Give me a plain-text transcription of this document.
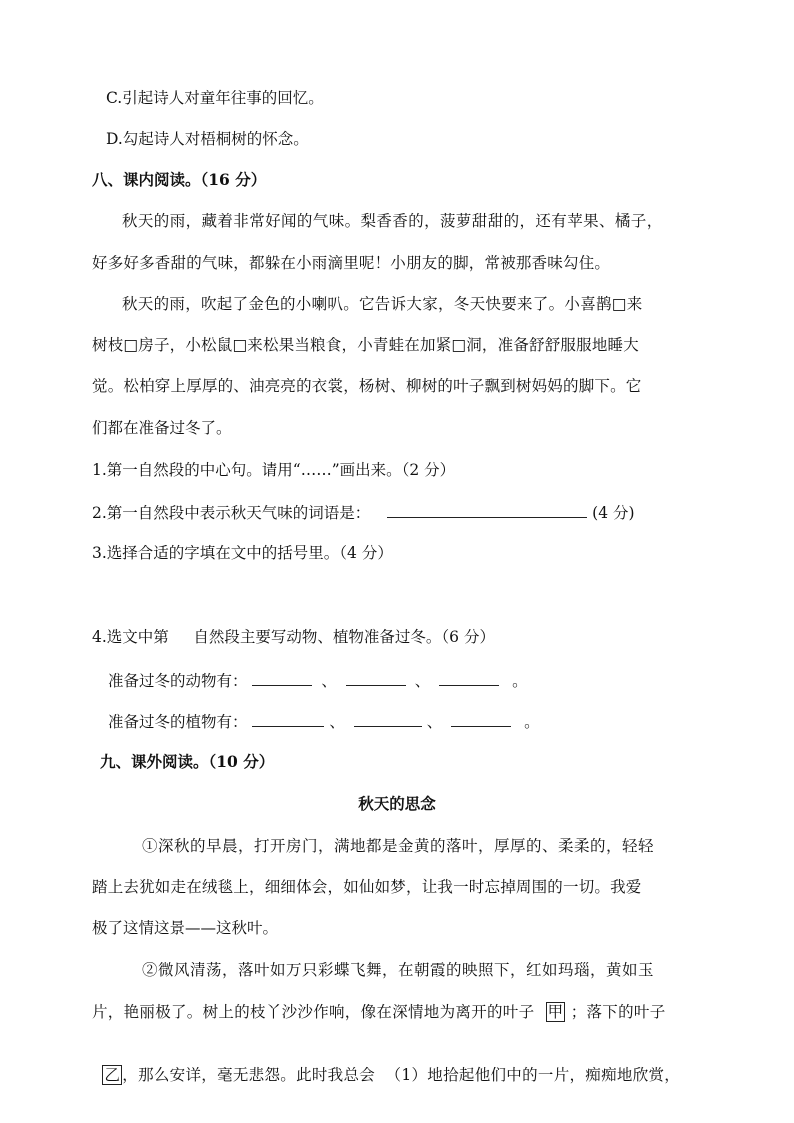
C.引起诗人对童年往事的回忆。
D.勾起诗人对梧桐树的怀念。
八、课内阅读。（16 分）
秋天的雨，藏着非常好闻的气味。梨香香的，菠萝甜甜的，还有苹果、橘子，
好多好多香甜的气味，都躲在小雨滴里呢！小朋友的脚，常被那香味勾住。
秋天的雨，吹起了金色的小喇叭。它告诉大家，冬天快要来了。小喜鹊□来
树枝□房子，小松鼠□来松果当粮食，小青蛙在加紧□洞，准备舒舒服服地睡大
觉。松柏穿上厚厚的、油亮亮的衣裳，杨树、柳树的叶子飘到树妈妈的脚下。它
们都在准备过冬了。
1.第一自然段的中心句。请用“……”画出来。（2 分）
2.第一自然段中表示秋天气味的词语是：	(4 分)
3.选择合适的字填在文中的括号里。（4 分）

4.选文中第     自然段主要写动物、植物准备过冬。（6 分）
准备过冬的动物有：	、	、	。
准备过冬的植物有：	、	、	。
九、课外阅读。（10 分）
秋天的思念
①深秋的早晨，打开房门，满地都是金黄的落叶，厚厚的、柔柔的，轻轻
踏上去犹如走在绒毯上，细细体会，如仙如梦，让我一时忘掉周围的一切。我爱
极了这情这景——这秋叶。
②微风清荡，落叶如万只彩蝶飞舞，在朝霞的映照下，红如玛瑙，黄如玉
片，艳丽极了。树上的枝丫沙沙作响，像在深情地为离开的叶子 甲 ；落下的叶子

乙 ，那么安详，毫无悲怨。此时我总会  （1）地拾起他们中的一片，痴痴地欣赏，
